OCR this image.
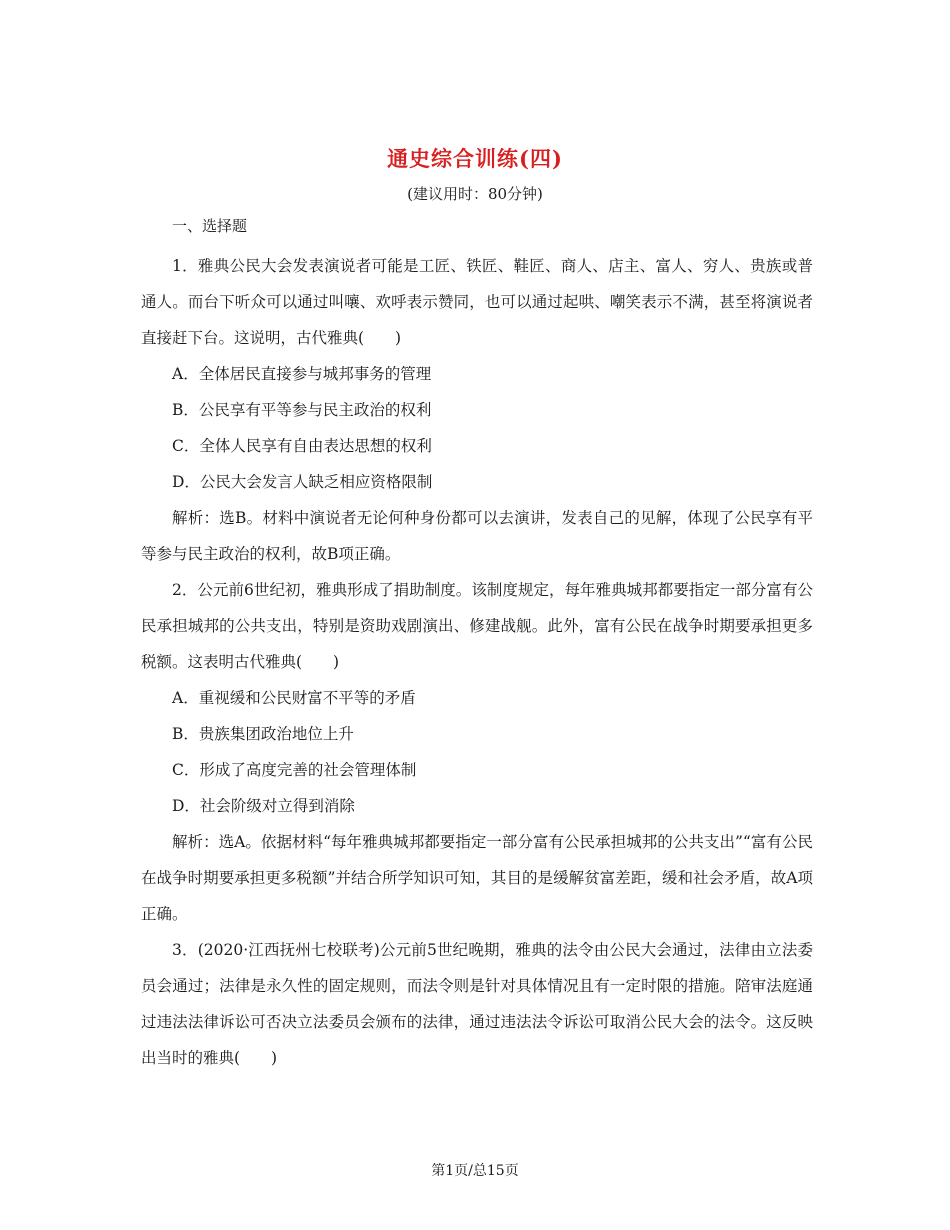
通史综合训练(四)
(建议用时：80分钟)
一、选择题

1．雅典公民大会发表演说者可能是工匠、铁匠、鞋匠、商人、店主、富人、穷人、贵族或普通人。而台下听众可以通过叫嚷、欢呼表示赞同，也可以通过起哄、嘲笑表示不满，甚至将演说者直接赶下台。这说明，古代雅典(　　)

A．全体居民直接参与城邦事务的管理

B．公民享有平等参与民主政治的权利

C．全体人民享有自由表达思想的权利

D．公民大会发言人缺乏相应资格限制

解析：选B。材料中演说者无论何种身份都可以去演讲，发表自己的见解，体现了公民享有平等参与民主政治的权利，故B项正确。

2．公元前6世纪初，雅典形成了捐助制度。该制度规定，每年雅典城邦都要指定一部分富有公民承担城邦的公共支出，特别是资助戏剧演出、修建战舰。此外，富有公民在战争时期要承担更多税额。这表明古代雅典(　　)

A．重视缓和公民财富不平等的矛盾

B．贵族集团政治地位上升

C．形成了高度完善的社会管理体制

D．社会阶级对立得到消除

解析：选A。依据材料“每年雅典城邦都要指定一部分富有公民承担城邦的公共支出”“富有公民在战争时期要承担更多税额”并结合所学知识可知，其目的是缓解贫富差距，缓和社会矛盾，故A项正确。

3．(2020·江西抚州七校联考)公元前5世纪晚期，雅典的法令由公民大会通过，法律由立法委员会通过；法律是永久性的固定规则，而法令则是针对具体情况且有一定时限的措施。陪审法庭通过违法法律诉讼可否决立法委员会颁布的法律，通过违法法令诉讼可取消公民大会的法令。这反映出当时的雅典(　　)

第1页/总15页
